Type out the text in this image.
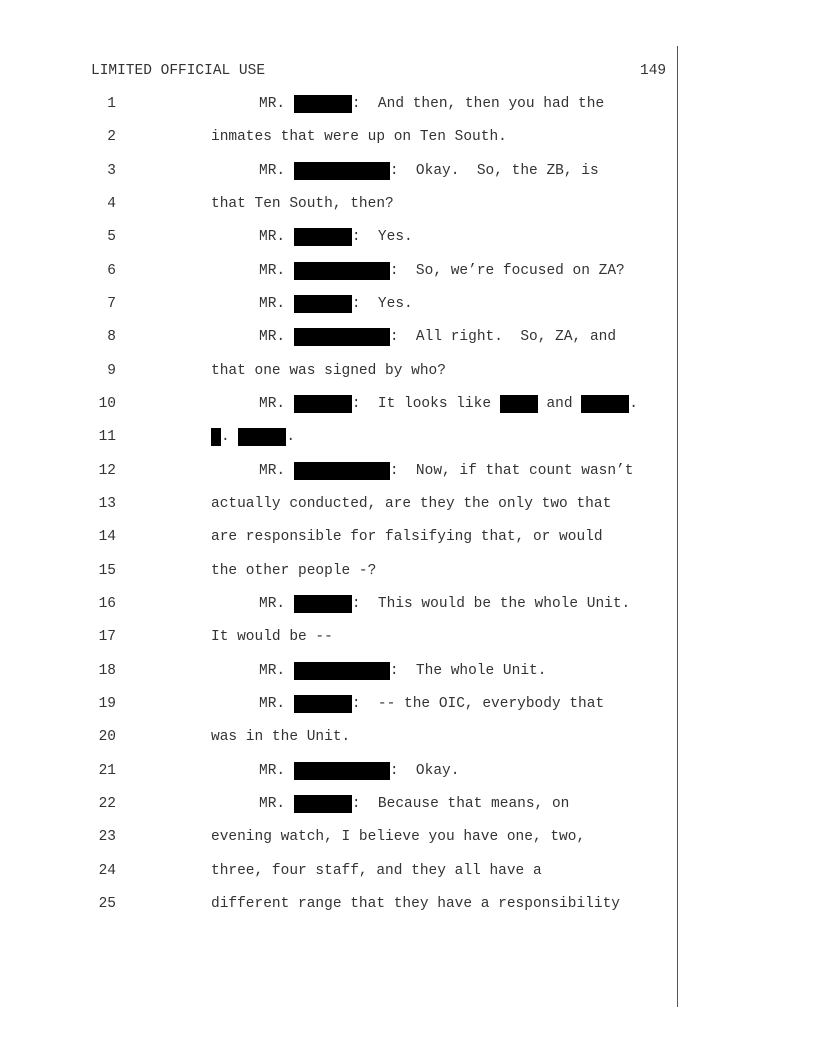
LIMITED OFFICIAL USE	149
1	MR.	:  And then, then you had the
2	inmates that were up on Ten South.
3	MR.	:  Okay.  So, the ZB, is
4	that Ten South, then?
5	MR.	:  Yes.
6	MR.	:  So, we’re focused on ZA?
7	MR.	:  Yes.
8	MR.	:  All right.  So, ZA, and
9	that one was signed by who?
10	MR.	:  It looks like	and	.
11	.	.
12	MR.	:  Now, if that count wasn’t
13	actually conducted, are they the only two that
14	are responsible for falsifying that, or would
15	the other people -?
16	MR.	:  This would be the whole Unit.
17	It would be --
18	MR.	:  The whole Unit.
19	MR.	:  -- the OIC, everybody that
20	was in the Unit.
21	MR.	:  Okay.
22	MR.	:  Because that means, on
23	evening watch, I believe you have one, two,
24	three, four staff, and they all have a
25	different range that they have a responsibility
